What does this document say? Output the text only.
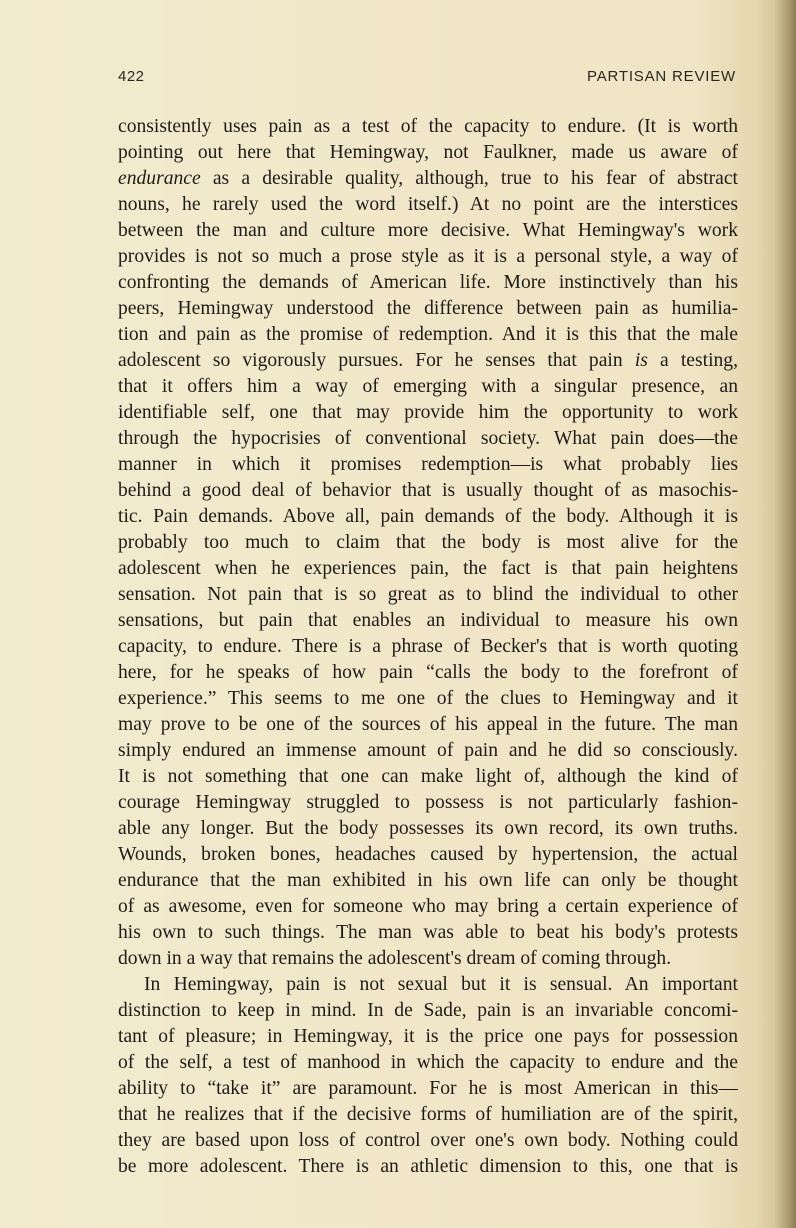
422	PARTISAN REVIEW
consistently uses pain as a test of the capacity to endure. (It is worth
pointing out here that Hemingway, not Faulkner, made us aware of
endurance as a desirable quality, although, true to his fear of abstract
nouns, he rarely used the word itself.) At no point are the interstices
between the man and culture more decisive. What Hemingway's work
provides is not so much a prose style as it is a personal style, a way of
confronting the demands of American life. More instinctively than his
peers, Hemingway understood the difference between pain as humilia-
tion and pain as the promise of redemption. And it is this that the male
adolescent so vigorously pursues. For he senses that pain is a testing,
that it offers him a way of emerging with a singular presence, an
identifiable self, one that may provide him the opportunity to work
through the hypocrisies of conventional society. What pain does—the
manner in which it promises redemption—is what probably lies
behind a good deal of behavior that is usually thought of as masochis-
tic. Pain demands. Above all, pain demands of the body. Although it is
probably too much to claim that the body is most alive for the
adolescent when he experiences pain, the fact is that pain heightens
sensation. Not pain that is so great as to blind the individual to other
sensations, but pain that enables an individual to measure his own
capacity, to endure. There is a phrase of Becker's that is worth quoting
here, for he speaks of how pain “calls the body to the forefront of
experience.” This seems to me one of the clues to Hemingway and it
may prove to be one of the sources of his appeal in the future. The man
simply endured an immense amount of pain and he did so consciously.
It is not something that one can make light of, although the kind of
courage Hemingway struggled to possess is not particularly fashion-
able any longer. But the body possesses its own record, its own truths.
Wounds, broken bones, headaches caused by hypertension, the actual
endurance that the man exhibited in his own life can only be thought
of as awesome, even for someone who may bring a certain experience of
his own to such things. The man was able to beat his body's protests
down in a way that remains the adolescent's dream of coming through.
In Hemingway, pain is not sexual but it is sensual. An important
distinction to keep in mind. In de Sade, pain is an invariable concomi-
tant of pleasure; in Hemingway, it is the price one pays for possession
of the self, a test of manhood in which the capacity to endure and the
ability to “take it” are paramount. For he is most American in this—
that he realizes that if the decisive forms of humiliation are of the spirit,
they are based upon loss of control over one's own body. Nothing could
be more adolescent. There is an athletic dimension to this, one that is
